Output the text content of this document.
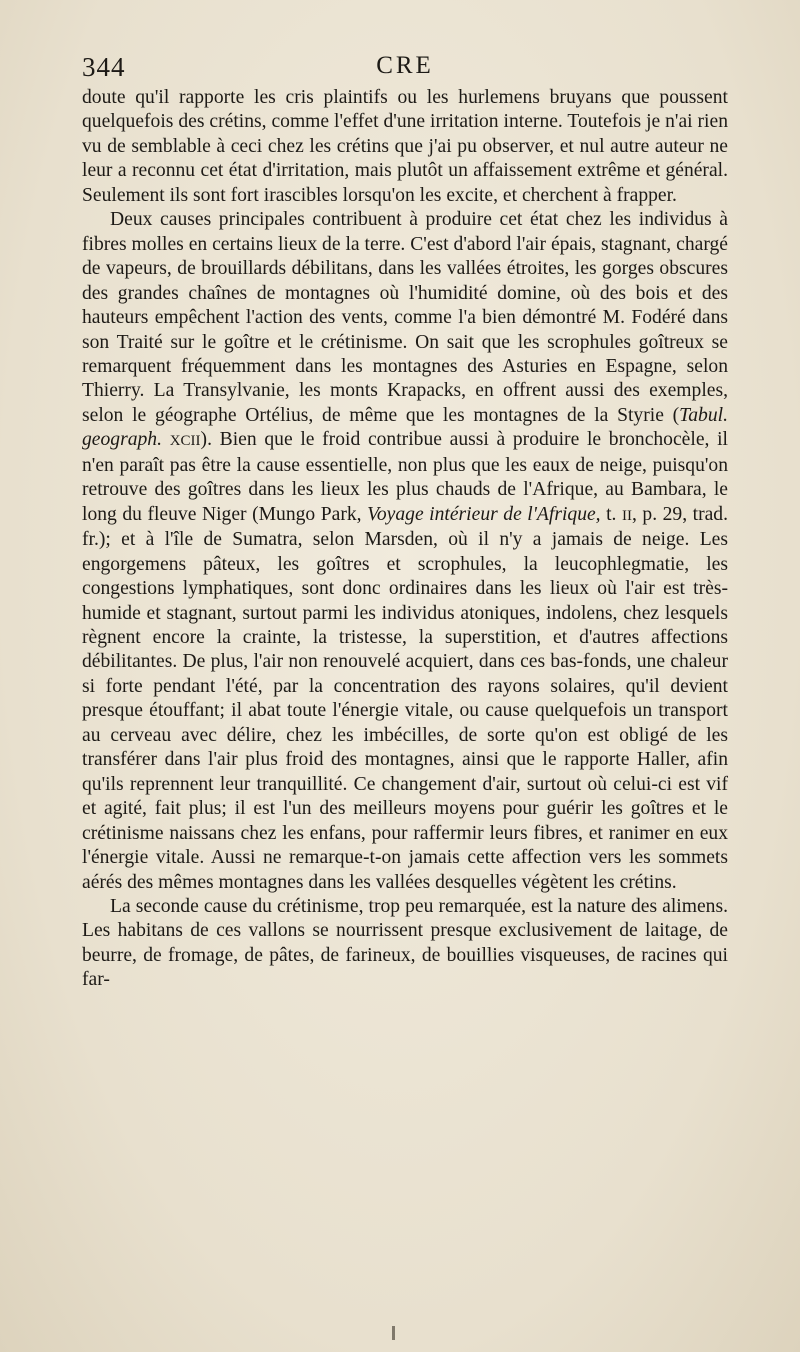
344	CRE

doute qu'il rapporte les cris plaintifs ou les hurlemens bruyans que poussent quelquefois des crétins, comme l'effet d'une irritation interne. Toutefois je n'ai rien vu de semblable à ceci chez les crétins que j'ai pu observer, et nul autre auteur ne leur a reconnu cet état d'irritation, mais plutôt un affaissement extrême et général. Seulement ils sont fort irascibles lorsqu'on les excite, et cherchent à frapper.

Deux causes principales contribuent à produire cet état chez les individus à fibres molles en certains lieux de la terre. C'est d'abord l'air épais, stagnant, chargé de vapeurs, de brouillards débilitans, dans les vallées étroites, les gorges obscures des grandes chaînes de montagnes où l'humidité domine, où des bois et des hauteurs empêchent l'action des vents, comme l'a bien démontré M. Fodéré dans son Traité sur le goître et le crétinisme. On sait que les scrophules goîtreux se remarquent fréquemment dans les montagnes des Asturies en Espagne, selon Thierry. La Transylvanie, les monts Krapacks, en offrent aussi des exemples, selon le géographe Ortélius, de même que les montagnes de la Styrie (Tabul. geograph. XCII). Bien que le froid contribue aussi à produire le bronchocèle, il n'en paraît pas être la cause essentielle, non plus que les eaux de neige, puisqu'on retrouve des goîtres dans les lieux les plus chauds de l'Afrique, au Bambara, le long du fleuve Niger (Mungo Park, Voyage intérieur de l'Afrique, t. II, p. 29, trad. fr.); et à l'île de Sumatra, selon Marsden, où il n'y a jamais de neige. Les engorgemens pâteux, les goîtres et scrophules, la leucophlegmatie, les congestions lymphatiques, sont donc ordinaires dans les lieux où l'air est très-humide et stagnant, surtout parmi les individus atoniques, indolens, chez lesquels règnent encore la crainte, la tristesse, la superstition, et d'autres affections débilitantes. De plus, l'air non renouvelé acquiert, dans ces bas-fonds, une chaleur si forte pendant l'été, par la concentration des rayons solaires, qu'il devient presque étouffant; il abat toute l'énergie vitale, ou cause quelquefois un transport au cerveau avec délire, chez les imbécilles, de sorte qu'on est obligé de les transférer dans l'air plus froid des montagnes, ainsi que le rapporte Haller, afin qu'ils reprennent leur tranquillité. Ce changement d'air, surtout où celui-ci est vif et agité, fait plus; il est l'un des meilleurs moyens pour guérir les goîtres et le crétinisme naissans chez les enfans, pour raffermir leurs fibres, et ranimer en eux l'énergie vitale. Aussi ne remarque-t-on jamais cette affection vers les sommets aérés des mêmes montagnes dans les vallées desquelles végètent les crétins.

La seconde cause du crétinisme, trop peu remarquée, est la nature des alimens. Les habitans de ces vallons se nourrissent presque exclusivement de laitage, de beurre, de fromage, de pâtes, de farineux, de bouillies visqueuses, de racines qui far-
